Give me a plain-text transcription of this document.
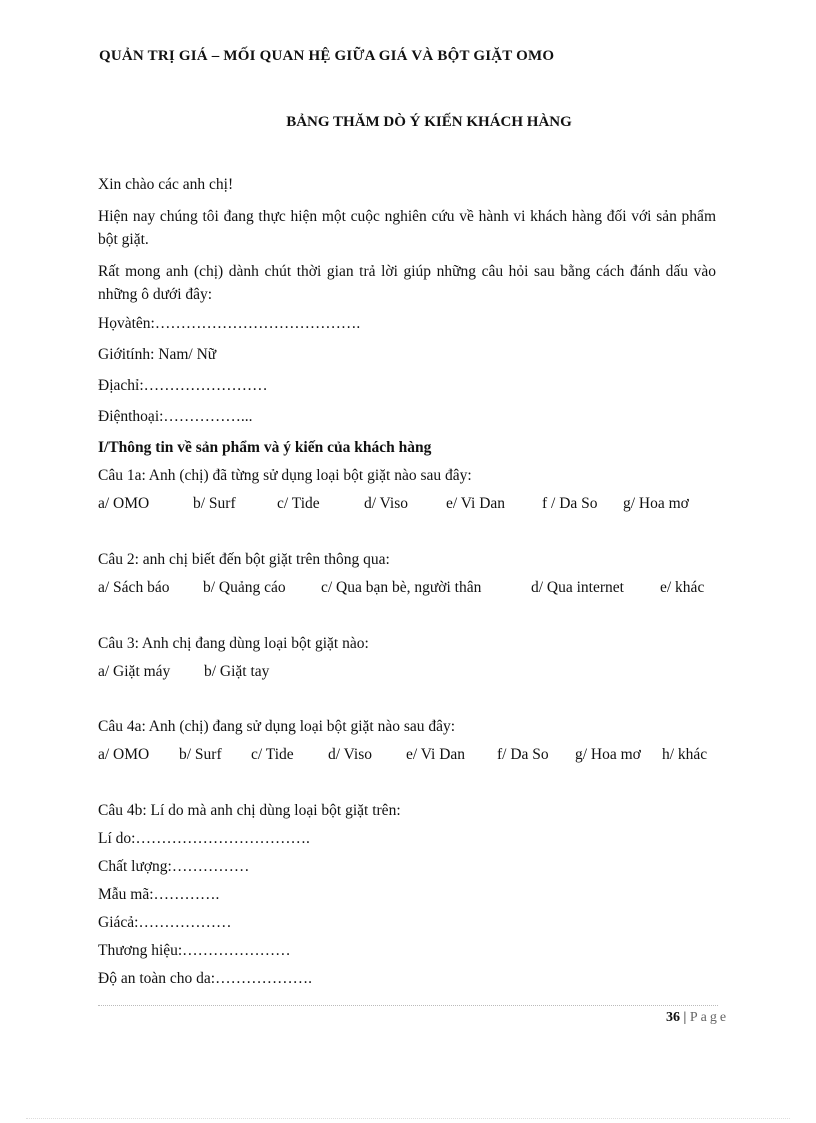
QUẢN TRỊ GIÁ – MỐI QUAN HỆ GIỮA GIÁ VÀ BỘT GIẶT OMO
BẢNG THĂM DÒ Ý KIẾN KHÁCH HÀNG
Xin chào các anh chị!
Hiện nay chúng tôi đang thực hiện một cuộc nghiên cứu về hành vi khách hàng đối với sản phẩm bột giặt.
Rất mong anh (chị) dành chút thời gian trả lời giúp những câu hỏi sau bằng cách đánh dấu vào những ô dưới đây:
Họvàtên:………………………………….
Giớitính: Nam/ Nữ
Địachỉ:……………………
Điệnthoại:……………...
I/Thông tin về sản phẩm và ý kiến của khách hàng
Câu 1a: Anh (chị) đã từng sử dụng loại bột giặt nào sau đây:
a/ OMO	b/ Surf	c/ Tide	d/ Viso e/ Vi Dan f / Da So g/ Hoa mơ
Câu 2: anh chị biết đến bột giặt trên thông qua:
a/ Sách báo b/ Quảng cáo c/ Qua bạn bè, người thân	d/ Qua internet e/ khác
Câu 3: Anh chị đang dùng loại bột giặt nào:
a/ Giặt máy b/ Giặt tay
Câu 4a: Anh (chị) đang sử dụng loại bột giặt nào sau đây:
a/ OMO b/ Surf c/ Tide d/ Viso e/ Vi Dan f/ Da So g/ Hoa mơ h/ khác
Câu 4b: Lí do mà anh chị dùng loại bột giặt trên:
Lí do:…………………………….
Chất lượng:……………
Mẫu mã:………….
Giácả:………………
Thương hiệu:…………………
Độ an toàn cho da:……………….
36 | Page
